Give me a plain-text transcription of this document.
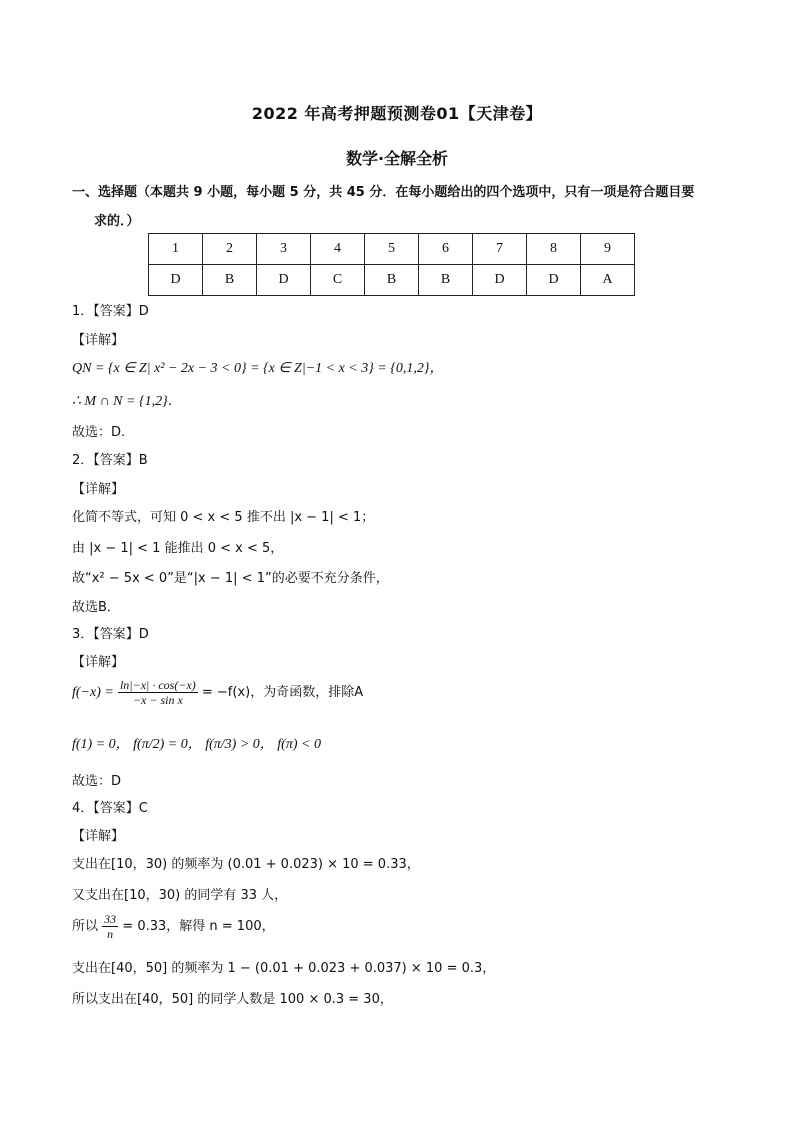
2022 年高考押题预测卷01【天津卷】
数学·全解全析
一、选择题（本题共 9 小题，每小题 5 分，共 45 分．在每小题给出的四个选项中，只有一项是符合题目要
求的．）
1	2	3	4	5	6	7	8	9
D	B	D	C	B	B	D	D	A
1．【答案】D
【详解】
QN = {x ∈ Z| x² − 2x − 3 < 0} = {x ∈ Z|−1 < x < 3} = {0,1,2}，
∴ M ∩ N = {1,2}．
故选：D.
2．【答案】B
【详解】
化简不等式，可知 0 < x < 5 推不出 |x − 1| < 1；
由 |x − 1| < 1 能推出 0 < x < 5，
故“x² − 5x < 0”是“|x − 1| < 1”的必要不充分条件，
故选B．
3．【答案】D
【详解】
$f(-x) = \frac{\ln|-x| \cdot \cos(-x)}{\text{−x − sin x}} = -f(x)$，为奇函数，排除A
f(1) = 0， f(π/2) = 0， f(π/3) > 0， f(π) < 0
故选：D
4．【答案】C
【详解】
支出在[10，30) 的频率为 (0.01 + 0.023) × 10 = 0.33，
又支出在[10，30) 的同学有 33 人，
所以 $\frac{33}{n} = 0.33$，解得 n = 100，
支出在[40，50] 的频率为 1 − (0.01 + 0.023 + 0.037) × 10 = 0.3，
所以支出在[40，50] 的同学人数是 100 × 0.3 = 30，
